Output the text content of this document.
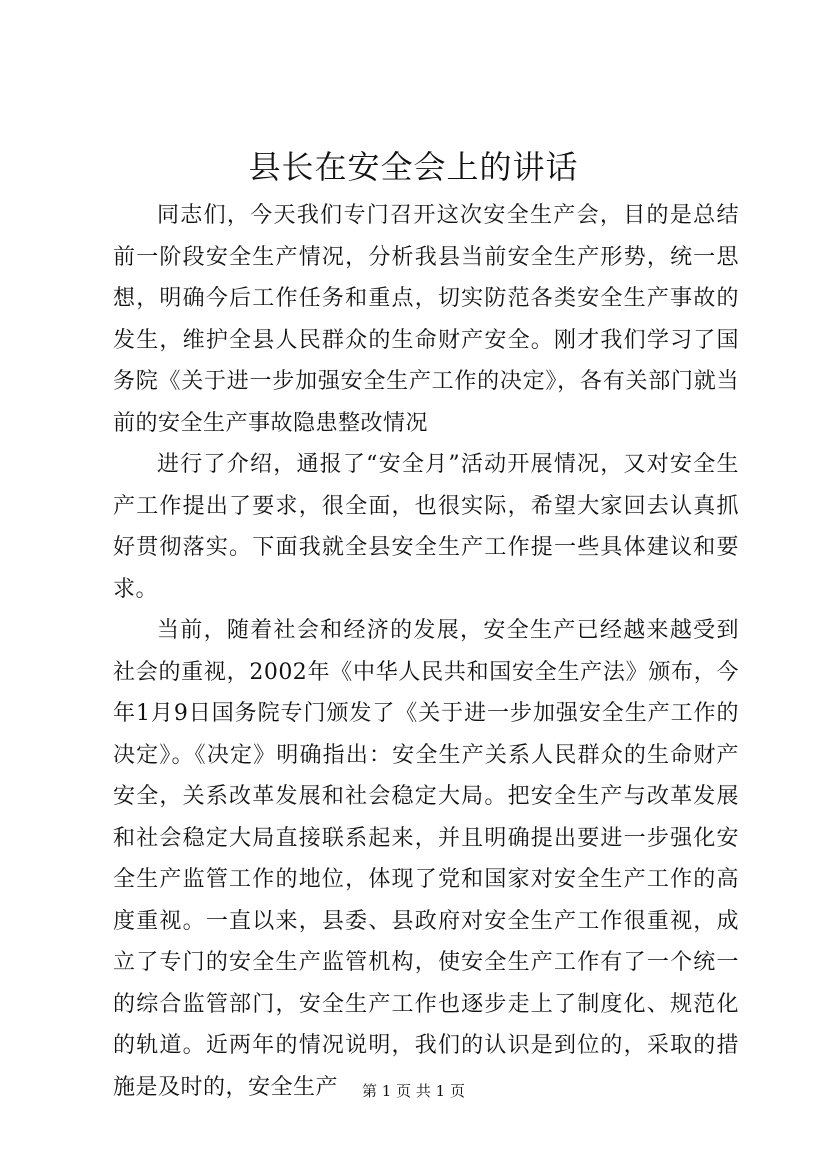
县长在安全会上的讲话

同志们，今天我们专门召开这次安全生产会，目的是总结前一阶段安全生产情况，分析我县当前安全生产形势，统一思想，明确今后工作任务和重点，切实防范各类安全生产事故的发生，维护全县人民群众的生命财产安全。刚才我们学习了国务院《关于进一步加强安全生产工作的决定》，各有关部门就当前的安全生产事故隐患整改情况

进行了介绍，通报了“安全月”活动开展情况，又对安全生产工作提出了要求，很全面，也很实际，希望大家回去认真抓好贯彻落实。下面我就全县安全生产工作提一些具体建议和要求。

当前，随着社会和经济的发展，安全生产已经越来越受到社会的重视，2002年《中华人民共和国安全生产法》颁布，今年1月9日国务院专门颁发了《关于进一步加强安全生产工作的决定》。《决定》明确指出：安全生产关系人民群众的生命财产安全，关系改革发展和社会稳定大局。把安全生产与改革发展和社会稳定大局直接联系起来，并且明确提出要进一步强化安全生产监管工作的地位，体现了党和国家对安全生产工作的高度重视。一直以来，县委、县政府对安全生产工作很重视，成立了专门的安全生产监管机构，使安全生产工作有了一个统一的综合监管部门，安全生产工作也逐步走上了制度化、规范化的轨道。近两年的情况说明，我们的认识是到位的，采取的措施是及时的，安全生产	第 1 页 共 1 页
